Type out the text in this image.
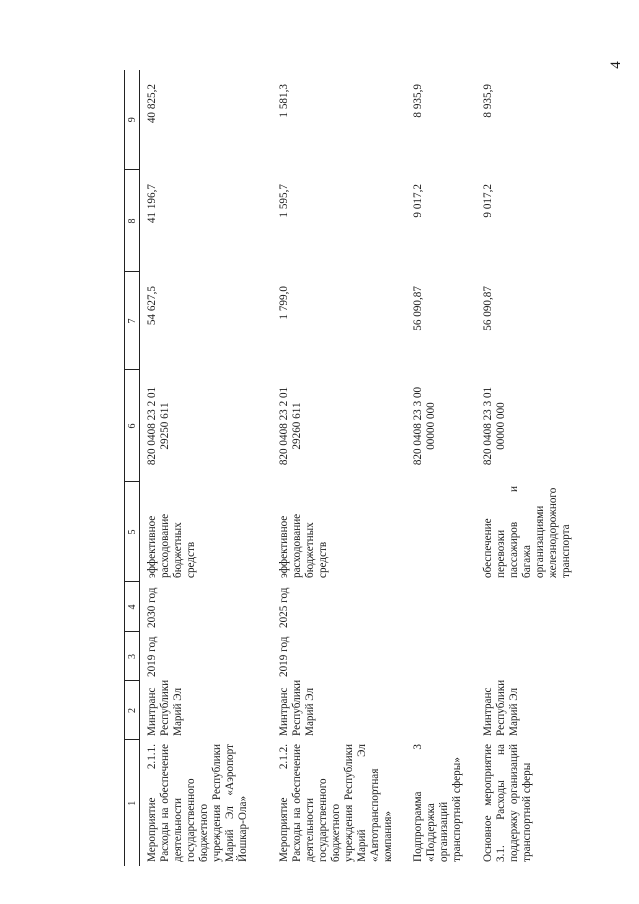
4
1	2	3	4	5	6	7	8	9
Мероприятие 2.1.1. Расходы на обеспечение деятельности государственного бюджетного учреждения Республики Марий Эл «Аэропорт Йошкар-Ола»	Минтранс Республики Марий Эл	2019 год	2030 год	эффективное расходование бюджетных средств	820 0408 23 2 01 29250 611	54 627,5	41 196,7	40 825,2
Мероприятие 2.1.2. Расходы на обеспечение деятельности государственного бюджетного учреждения Республики Марий Эл «Автотранспортная компания»	Минтранс Республики Марий Эл	2019 год	2025 год	эффективное расходование бюджетных средств	820 0408 23 2 01 29260 611	1 799,0	1 595,7	1 581,3
Подпрограмма 3 «Поддержка организаций транспортной сферы»					820 0408 23 3 00 00000 000	56 090,87	9 017,2	8 935,9
Основное мероприятие 3.1. Расходы на поддержку организаций транспортной сферы	Минтранс Республики Марий Эл			обеспечение перевозки пассажиров и багажа организациями железнодорожного транспорта	820 0408 23 3 01 00000 000	56 090,87	9 017,2	8 935,9
